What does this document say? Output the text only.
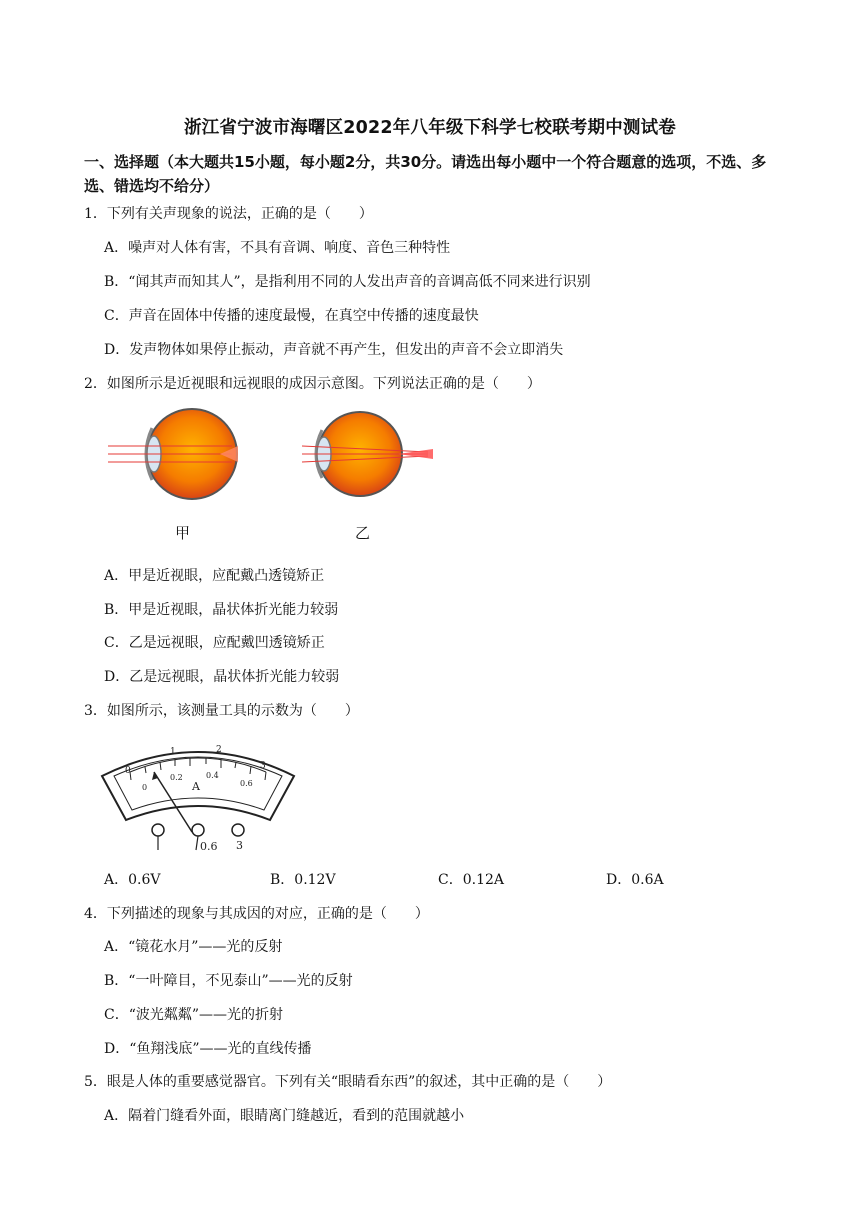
浙江省宁波市海曙区2022年八年级下科学七校联考期中测试卷
一、选择题（本大题共15小题，每小题2分，共30分。请选出每小题中一个符合题意的选项，不选、多选、错选均不给分）
1．下列有关声现象的说法，正确的是（　　）
A．噪声对人体有害，不具有音调、响度、音色三种特性
B．“闻其声而知其人”，是指利用不同的人发出声音的音调高低不同来进行识别
C．声音在固体中传播的速度最慢，在真空中传播的速度最快
D．发声物体如果停止振动，声音就不再产生，但发出的声音不会立即消失
2．如图所示是近视眼和远视眼的成因示意图。下列说法正确的是（　　）
甲	乙
A．甲是近视眼，应配戴凸透镜矫正
B．甲是近视眼，晶状体折光能力较弱
C．乙是远视眼，应配戴凹透镜矫正
D．乙是远视眼，晶状体折光能力较弱
3．如图所示，该测量工具的示数为（　　）
0
1	2
3
0
0.2	0.4
0.6
A
0.6 3
A．0.6V	B．0.12V	C．0.12A	D．0.6A
4．下列描述的现象与其成因的对应，正确的是（　　）
A．“镜花水月”——光的反射
B．“一叶障目，不见泰山”——光的反射
C．“波光粼粼”——光的折射
D．“鱼翔浅底”——光的直线传播
5．眼是人体的重要感觉器官。下列有关“眼睛看东西”的叙述，其中正确的是（　　）
A．隔着门缝看外面，眼睛离门缝越近，看到的范围就越小
